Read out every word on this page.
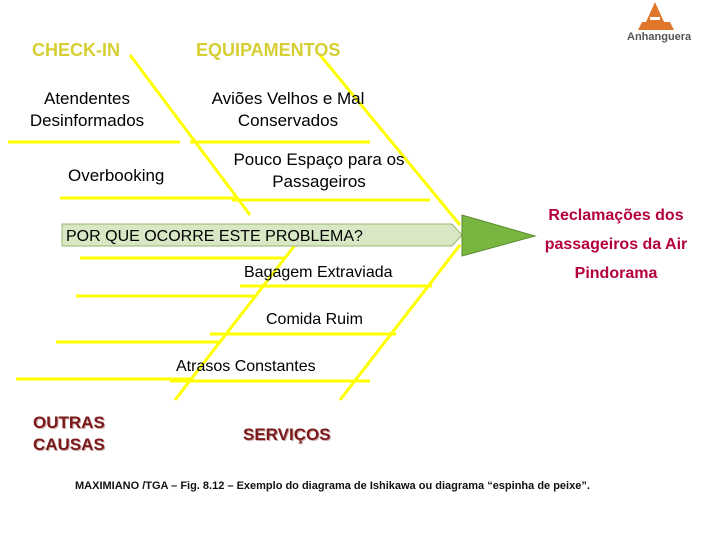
Anhanguera
CHECK-IN	EQUIPAMENTOS
Atendentes Desinformados
Overbooking
Aviões Velhos e Mal Conservados
Pouco Espaço para os Passageiros
POR QUE OCORRE ESTE PROBLEMA?
Bagagem Extraviada
Comida Ruim
Atrasos Constantes
Reclamações dos passageiros da Air Pindorama
OUTRAS CAUSAS
SERVIÇOS
MAXIMIANO /TGA – Fig. 8.12 – Exemplo do diagrama de Ishikawa ou diagrama “espinha de peixe”.
